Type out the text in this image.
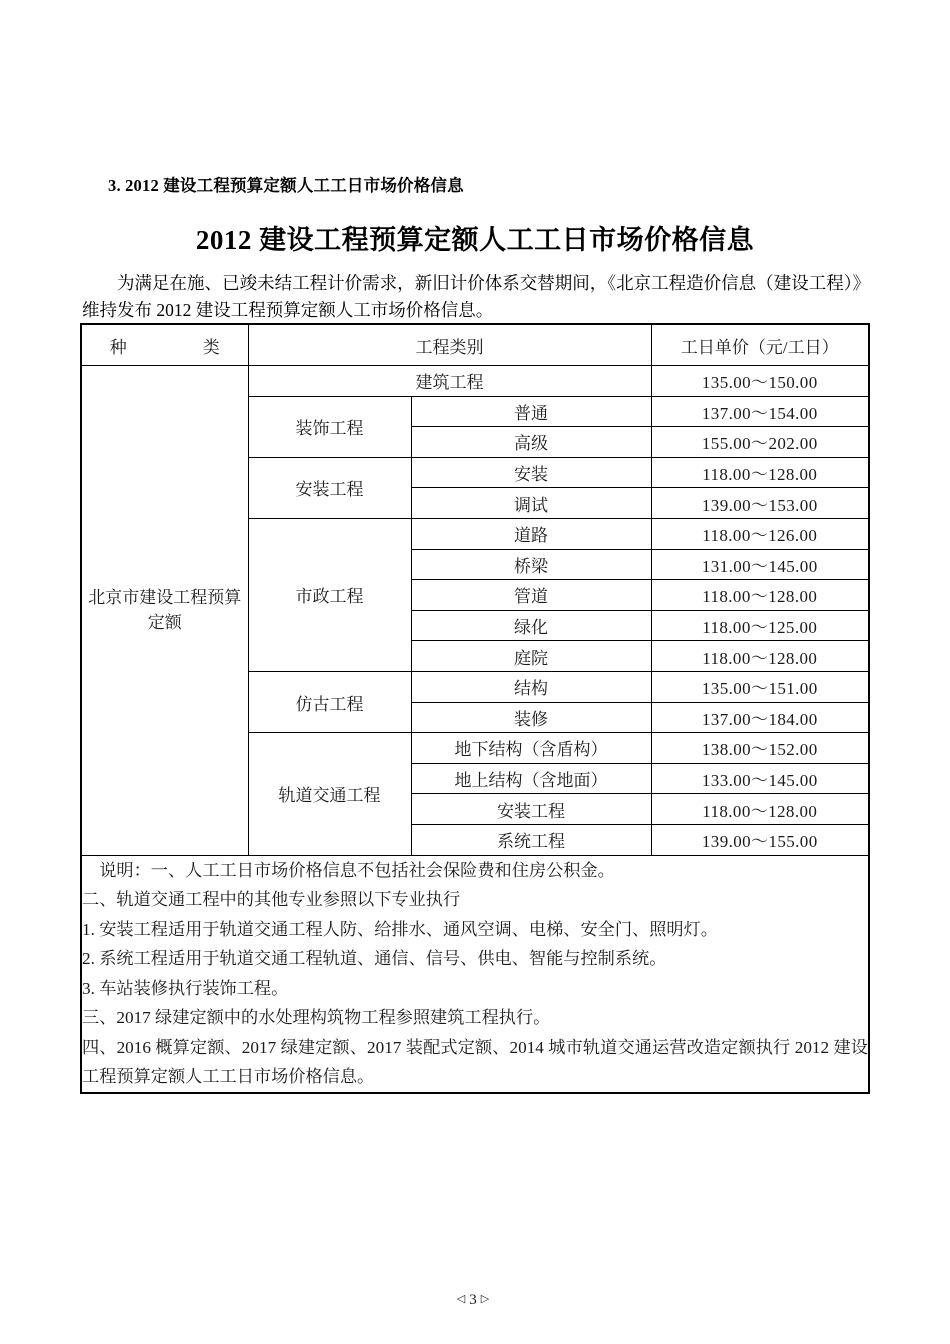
3. 2012 建设工程预算定额人工工日市场价格信息
2012 建设工程预算定额人工工日市场价格信息
为满足在施、已竣未结工程计价需求，新旧计价体系交替期间，《北京工程造价信息（建设工程）》维持发布 2012 建设工程预算定额人工市场价格信息。
种　　类	工程类别		工日单价（元/工日）
北京市建设工程预算定额	建筑工程		135.00～150.00
	装饰工程	普通	137.00～154.00
		高级	155.00～202.00
	安装工程	安装	118.00～128.00
		调试	139.00～153.00
	市政工程	道路	118.00～126.00
		桥梁	131.00～145.00
		管道	118.00～128.00
		绿化	118.00～125.00
		庭院	118.00～128.00
	仿古工程	结构	135.00～151.00
		装修	137.00～184.00
	轨道交通工程	地下结构（含盾构）	138.00～152.00
		地上结构（含地面）	133.00～145.00
		安装工程	118.00～128.00
		系统工程	139.00～155.00

说明：一、人工工日市场价格信息不包括社会保险费和住房公积金。

二、轨道交通工程中的其他专业参照以下专业执行

1. 安装工程适用于轨道交通工程人防、给排水、通风空调、电梯、安全门、照明灯。

2. 系统工程适用于轨道交通工程轨道、通信、信号、供电、智能与控制系统。

3. 车站装修执行装饰工程。

三、2017 绿建定额中的水处理构筑物工程参照建筑工程执行。

四、2016 概算定额、2017 绿建定额、2017 装配式定额、2014 城市轨道交通运营改造定额执行 2012 建设工程预算定额人工工日市场价格信息。

◁3▷
